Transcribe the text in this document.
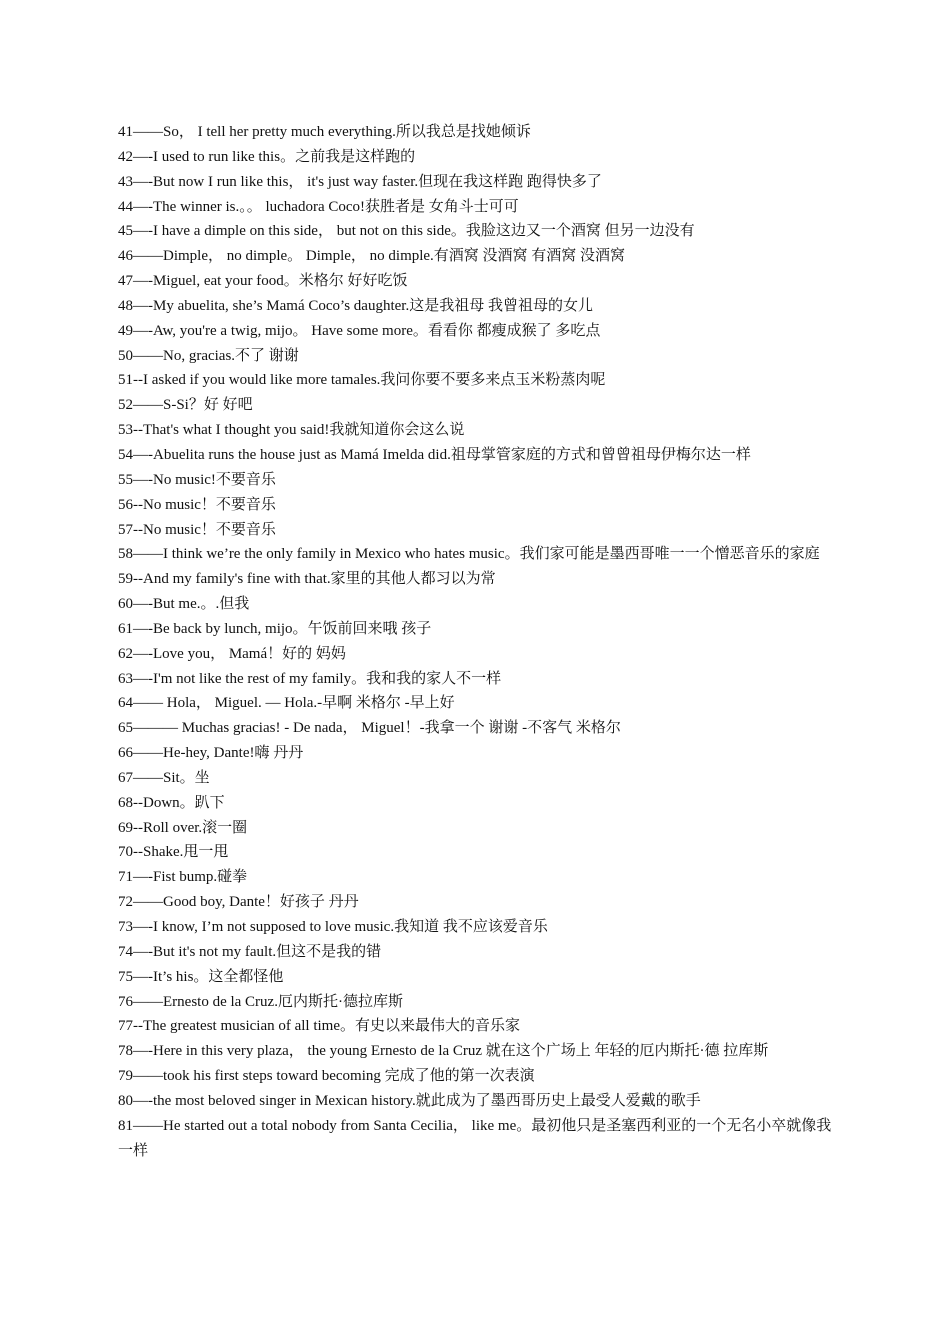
41——So， I tell her pretty much everything.所以我总是找她倾诉

42—-I used to run like this。之前我是这样跑的

43—-But now I run like this， it's just way faster.但现在我这样跑 跑得快多了

44—-The winner is.。。 luchadora Coco!获胜者是 女角斗士可可

45—-I have a dimple on this side， but not on this side。我脸这边又一个酒窝 但另一边没有

46——Dimple， no dimple。 Dimple， no dimple.有酒窝 没酒窝 有酒窝 没酒窝

47—-Miguel, eat your food。米格尔 好好吃饭

48—-My abuelita, she’s Mamá Coco’s daughter.这是我祖母 我曾祖母的女儿

49—-Aw, you're a twig, mijo。 Have some more。看看你 都瘦成猴了 多吃点

50——No, gracias.不了 谢谢

51--I asked if you would like more tamales.我问你要不要多来点玉米粉蒸肉呢

52——S-Si？好 好吧

53--That's what I thought you said!我就知道你会这么说

54—-Abuelita runs the house just as Mamá Imelda did.祖母掌管家庭的方式和曾曾祖母伊梅尔达一样

55—-No music!不要音乐

56--No music！不要音乐

57--No music！不要音乐

58——I think we’re the only family in Mexico who hates music。我们家可能是墨西哥唯一一个憎恶音乐的家庭

59--And my family's fine with that.家里的其他人都习以为常

60—-But me.。.但我

61—-Be back by lunch, mijo。午饭前回来哦 孩子

62—-Love you， Mamá！好的 妈妈

63—-I'm not like the rest of my family。我和我的家人不一样

64—— Hola， Miguel. — Hola.-早啊 米格尔 -早上好

65——— Muchas gracias! - De nada， Miguel！-我拿一个 谢谢 -不客气 米格尔

66——He-hey, Dante!嗨 丹丹

67——Sit。坐

68--Down。趴下

69--Roll over.滚一圈

70--Shake.甩一甩

71—-Fist bump.碰拳

72——Good boy, Dante！好孩子 丹丹

73—-I know, I’m not supposed to love music.我知道 我不应该爱音乐

74—-But it's not my fault.但这不是我的错

75—-It’s his。这全都怪他

76——Ernesto de la Cruz.厄内斯托·德拉库斯

77--The greatest musician of all time。有史以来最伟大的音乐家

78—-Here in this very plaza， the young Ernesto de la Cruz 就在这个广场上 年轻的厄内斯托·德 拉库斯

79——took his first steps toward becoming 完成了他的第一次表演

80—-the most beloved singer in Mexican history.就此成为了墨西哥历史上最受人爱戴的歌手

81——He started out a total nobody from Santa Cecilia， like me。最初他只是圣塞西利亚的一个无名小卒就像我一样
